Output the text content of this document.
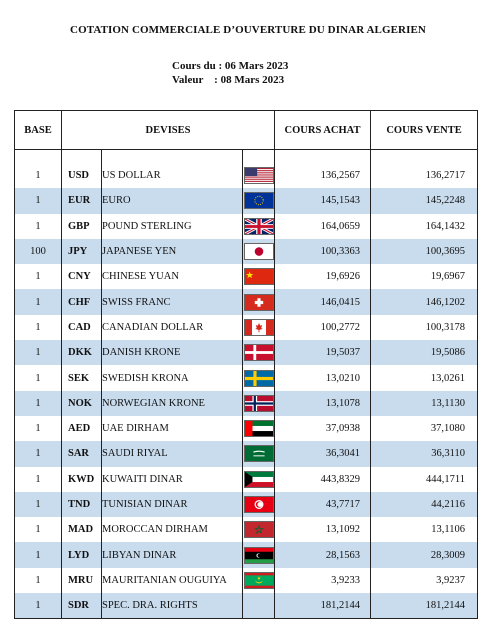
COTATION COMMERCIALE D’OUVERTURE DU DINAR ALGERIEN
Cours du : 06 Mars 2023
Valeur    : 08 Mars 2023
BASE	DEVISES			COURS ACHAT	COURS VENTE

1	USD	US DOLLAR		136,2567	136,2717
1	EUR	EURO		145,1543	145,2248
1	GBP	POUND STERLING		164,0659	164,1432
100	JPY	JAPANESE YEN		100,3363	100,3695
1	CNY	CHINESE YUAN		19,6926	19,6967
1	CHF	SWISS FRANC		146,0415	146,1202
1	CAD	CANADIAN DOLLAR		100,2772	100,3178
1	DKK	DANISH KRONE		19,5037	19,5086
1	SEK	SWEDISH KRONA		13,0210	13,0261
1	NOK	NORWEGIAN KRONE		13,1078	13,1130
1	AED	UAE DIRHAM		37,0938	37,1080
1	SAR	SAUDI RIYAL		36,3041	36,3110
1	KWD	KUWAITI DINAR		443,8329	444,1711
1	TND	TUNISIAN DINAR		43,7717	44,2116
1	MAD	MOROCCAN DIRHAM		13,1092	13,1106
1	LYD	LIBYAN DINAR		28,1563	28,3009
1	MRU	MAURITANIAN OUGUIYA		3,9233	3,9237
1	SDR	SPEC. DRA. RIGHTS		181,2144	181,2144
